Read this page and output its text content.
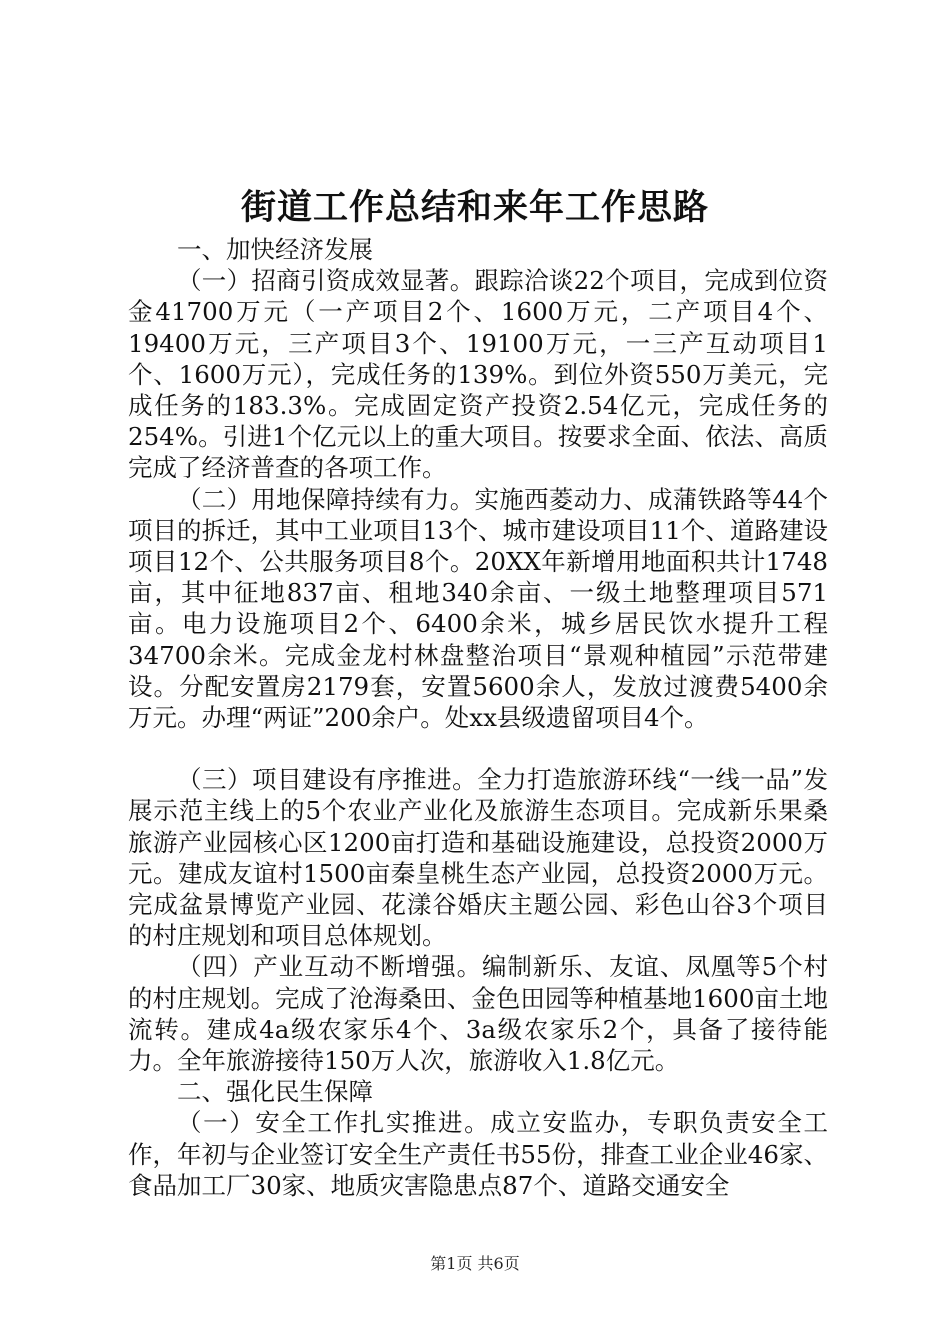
街道工作总结和来年工作思路

一、加快经济发展

（一）招商引资成效显著。跟踪洽谈22个项目，完成到位资金41700万元（一产项目2个、1600万元，二产项目4个、19400万元，三产项目3个、19100万元，一三产互动项目1个、1600万元），完成任务的139%。到位外资550万美元，完成任务的183.3%。完成固定资产投资2.54亿元，完成任务的254%。引进1个亿元以上的重大项目。按要求全面、依法、高质完成了经济普查的各项工作。

（二）用地保障持续有力。实施西菱动力、成蒲铁路等44个项目的拆迁，其中工业项目13个、城市建设项目11个、道路建设项目12个、公共服务项目8个。20XX年新增用地面积共计1748亩，其中征地837亩、租地340余亩、一级土地整理项目571亩。电力设施项目2个、6400余米，城乡居民饮水提升工程34700余米。完成金龙村林盘整治项目“景观种植园”示范带建设。分配安置房2179套，安置5600余人，发放过渡费5400余万元。办理“两证”200余户。处xx县级遗留项目4个。

（三）项目建设有序推进。全力打造旅游环线“一线一品”发展示范主线上的5个农业产业化及旅游生态项目。完成新乐果桑旅游产业园核心区1200亩打造和基础设施建设，总投资2000万元。建成友谊村1500亩秦皇桃生态产业园，总投资2000万元。完成盆景博览产业园、花漾谷婚庆主题公园、彩色山谷3个项目的村庄规划和项目总体规划。

（四）产业互动不断增强。编制新乐、友谊、凤凰等5个村的村庄规划。完成了沧海桑田、金色田园等种植基地1600亩土地流转。建成4a级农家乐4个、3a级农家乐2个，具备了接待能力。全年旅游接待150万人次，旅游收入1.8亿元。

二、强化民生保障

（一）安全工作扎实推进。成立安监办，专职负责安全工作，年初与企业签订安全生产责任书55份，排查工业企业46家、食品加工厂30家、地质灾害隐患点87个、道路交通安全

第1页 共6页
